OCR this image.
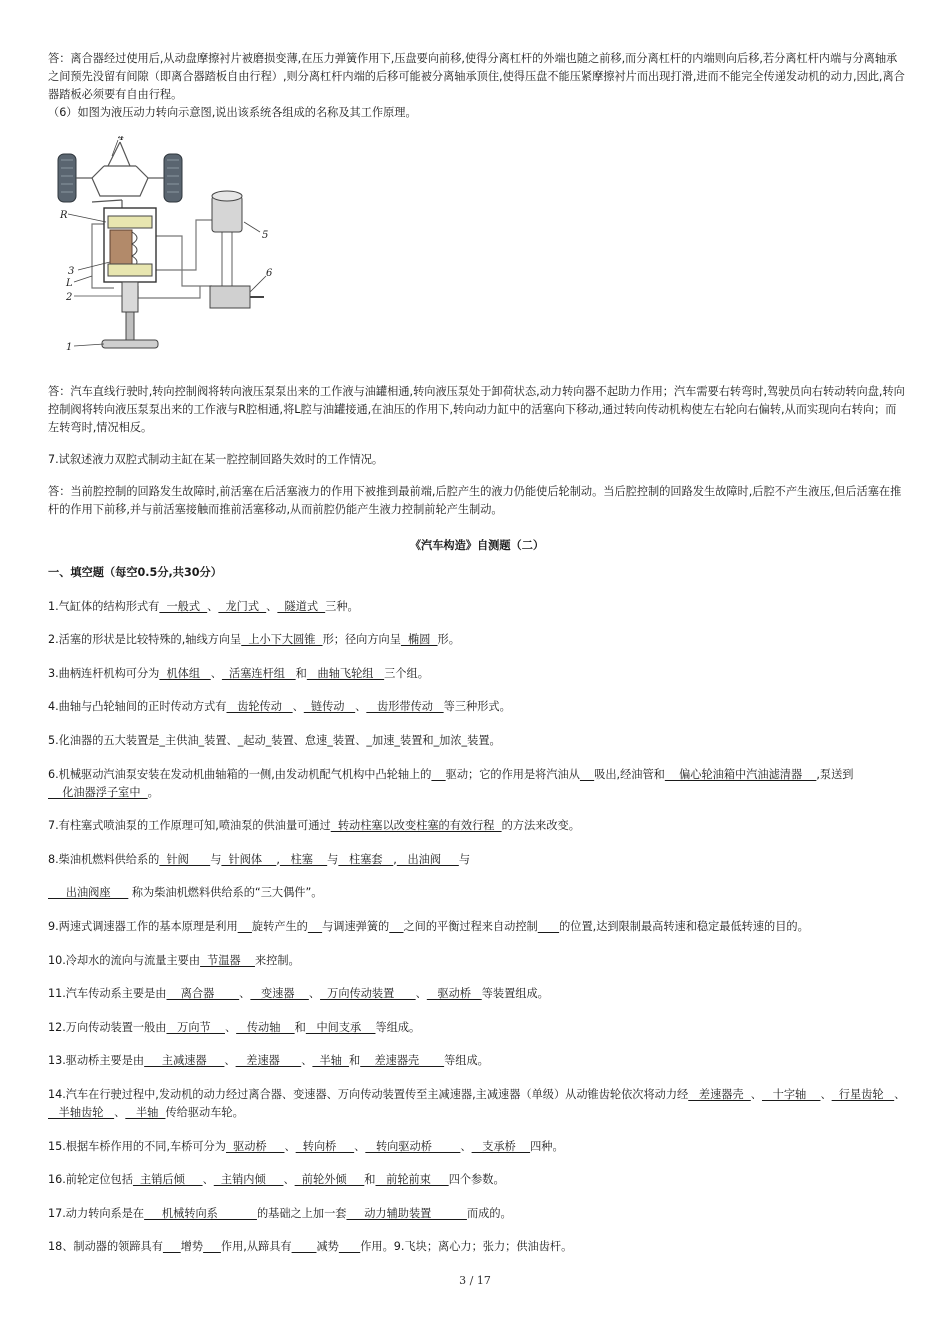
答：离合器经过使用后,从动盘摩擦衬片被磨损变薄,在压力弹簧作用下,压盘要向前移,使得分离杠杆的外端也随之前移,而分离杠杆的内端则向后移,若分离杠杆内端与分离轴承之间预先没留有间隙（即离合器踏板自由行程）,则分离杠杆内端的后移可能被分离轴承顶住,使得压盘不能压紧摩擦衬片而出现打滑,进而不能完全传递发动机的动力,因此,离合器踏板必须要有自由行程。

（6）如图为液压动力转向示意图,说出该系统各组成的名称及其工作原理。

4
R
3
L
2
1
5
6

答：汽车直线行驶时,转向控制阀将转向液压泵泵出来的工作液与油罐相通,转向液压泵处于卸荷状态,动力转向器不起助力作用；汽车需要右转弯时,驾驶员向右转动转向盘,转向控制阀将转向液压泵泵出来的工作液与R腔相通,将L腔与油罐接通,在油压的作用下,转向动力缸中的活塞向下移动,通过转向传动机构使左右轮向右偏转,从而实现向右转向；而左转弯时,情况相反。

7.试叙述液力双腔式制动主缸在某一腔控制回路失效时的工作情况。

答：当前腔控制的回路发生故障时,前活塞在后活塞液力的作用下被推到最前端,后腔产生的液力仍能使后轮制动。当后腔控制的回路发生故障时,后腔不产生液压,但后活塞在推杆的作用下前移,并与前活塞接触而推前活塞移动,从而前腔仍能产生液力控制前轮产生制动。

《汽车构造》自测题（二）

一、填空题（每空0.5分,共30分）

1.气缸体的结构形式有  一般式  、  龙门式  、  隧道式  三种。

2.活塞的形状是比较特殊的,轴线方向呈  上小下大圆锥  形；径向方向呈  椭圆  形。

3.曲柄连杆机构可分为  机体组   、  活塞连杆组   和   曲轴飞轮组   三个组。

4.曲轴与凸轮轴间的正时传动方式有   齿轮传动   、  链传动   、   齿形带传动   等三种形式。

5.化油器的五大装置是_主供油_装置、_起动_装置、怠速_装置、_加速_装置和_加浓_装置。

6.机械驱动汽油泵安装在发动机曲轴箱的一侧,由发动机配气机构中凸轮轴上的 驱动；它的作用是将汽油从 吸出,经油管和    偏心轮油箱中汽油滤清器    ,泵送到    化油器浮子室中  。

7.有柱塞式喷油泵的工作原理可知,喷油泵的供油量可通过  转动柱塞以改变柱塞的有效行程  的方法来改变。

8.柴油机燃料供给系的  针阀      与  针阀体    ,   柱塞    与   柱塞套   ,   出油阀     与

出油阀座      称为柴油机燃料供给系的“三大偶件”。

9.两速式调速器工作的基本原理是利用 旋转产生的 与调速弹簧的 之间的平衡过程来自动控制 的位置,达到限制最高转速和稳定最低转速的目的。

10.冷却水的流向与流量主要由  节温器    来控制。

11.汽车传动系主要是由    离合器       、   变速器    、  万向传动装置      、   驱动桥   等装置组成。

12.万向传动装置一般由   万向节    、   传动轴    和   中间支承    等组成。

13.驱动桥主要是由     主减速器     、   差速器      、  半轴  和    差速器壳       等组成。

14.汽车在行驶过程中,发动机的动力经过离合器、变速器、万向传动装置传至主减速器,主减速器（单级）从动锥齿轮依次将动力经   差速器壳  、   十字轴    、  行星齿轮   、   半轴齿轮   、   半轴  传给驱动车轮。

15.根据车桥作用的不同,车桥可分为  驱动桥     、  转向桥     、   转向驱动桥        、   支承桥    四种。

16.前轮定位包括  主销后倾     、  主销内倾     、  前轮外倾     和   前轮前束     四个参数。

17.动力转向系是在     机械转向系           的基础之上加一套     动力辅助装置          而成的。

18、制动器的领蹄具有 增势 作用,从蹄具有 减势 作用。9.飞块；离心力；张力；供油齿杆。

3 / 17
